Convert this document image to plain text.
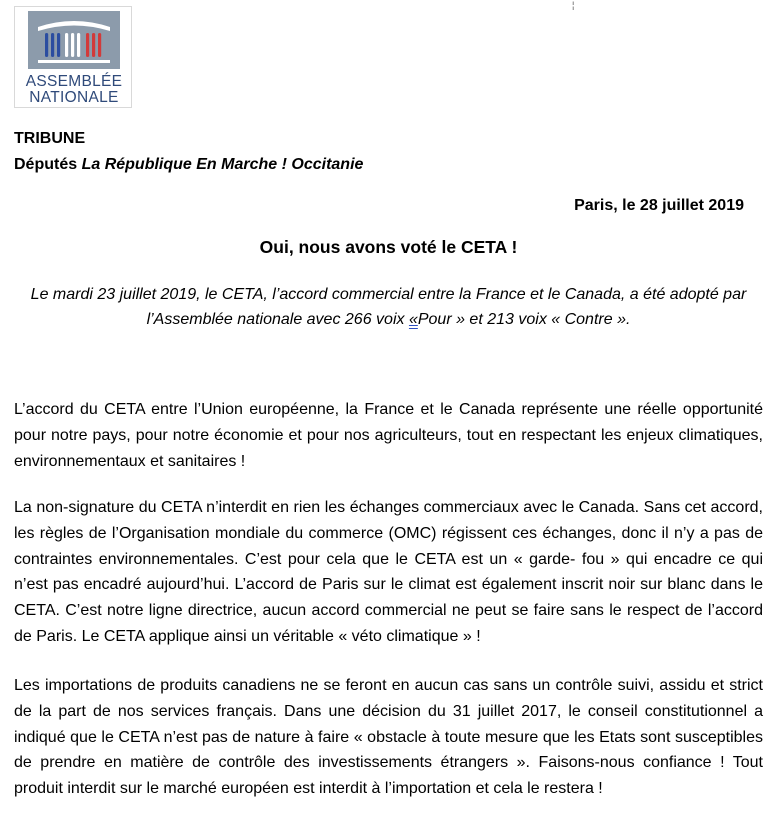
¦
ASSEMBLÉE
NATIONALE
TRIBUNE
Députés La République En Marche ! Occitanie
Paris, le 28 juillet 2019
Oui, nous avons voté le CETA !
Le mardi 23 juillet 2019, le CETA, l’accord commercial entre la France et le Canada, a été adopté par l’Assemblée nationale avec 266 voix «Pour » et 213 voix « Contre ».

L’accord du CETA entre l’Union européenne, la France et le Canada représente une réelle opportunité pour notre pays, pour notre économie et pour nos agriculteurs, tout en respectant les enjeux climatiques, environnementaux et sanitaires !

La non-signature du CETA n’interdit en rien les échanges commerciaux avec le Canada. Sans cet accord, les règles de l’Organisation mondiale du commerce (OMC) régissent ces échanges, donc il n’y a pas de contraintes environnementales. C’est pour cela que le CETA est un « garde- fou » qui encadre ce qui n’est pas encadré aujourd’hui. L’accord de Paris sur le climat est également inscrit noir sur blanc dans le CETA. C’est notre ligne directrice, aucun accord commercial ne peut se faire sans le respect de l’accord de Paris. Le CETA applique ainsi un véritable « véto climatique » !

Les importations de produits canadiens ne se feront en aucun cas sans un contrôle suivi, assidu et strict de la part de nos services français. Dans une décision du 31 juillet 2017, le conseil constitutionnel a indiqué que le CETA n’est pas de nature à faire « obstacle à toute mesure que les Etats sont susceptibles de prendre en matière de contrôle des investissements étrangers ». Faisons-nous confiance ! Tout produit interdit sur le marché européen est interdit à l’importation et cela le restera !
